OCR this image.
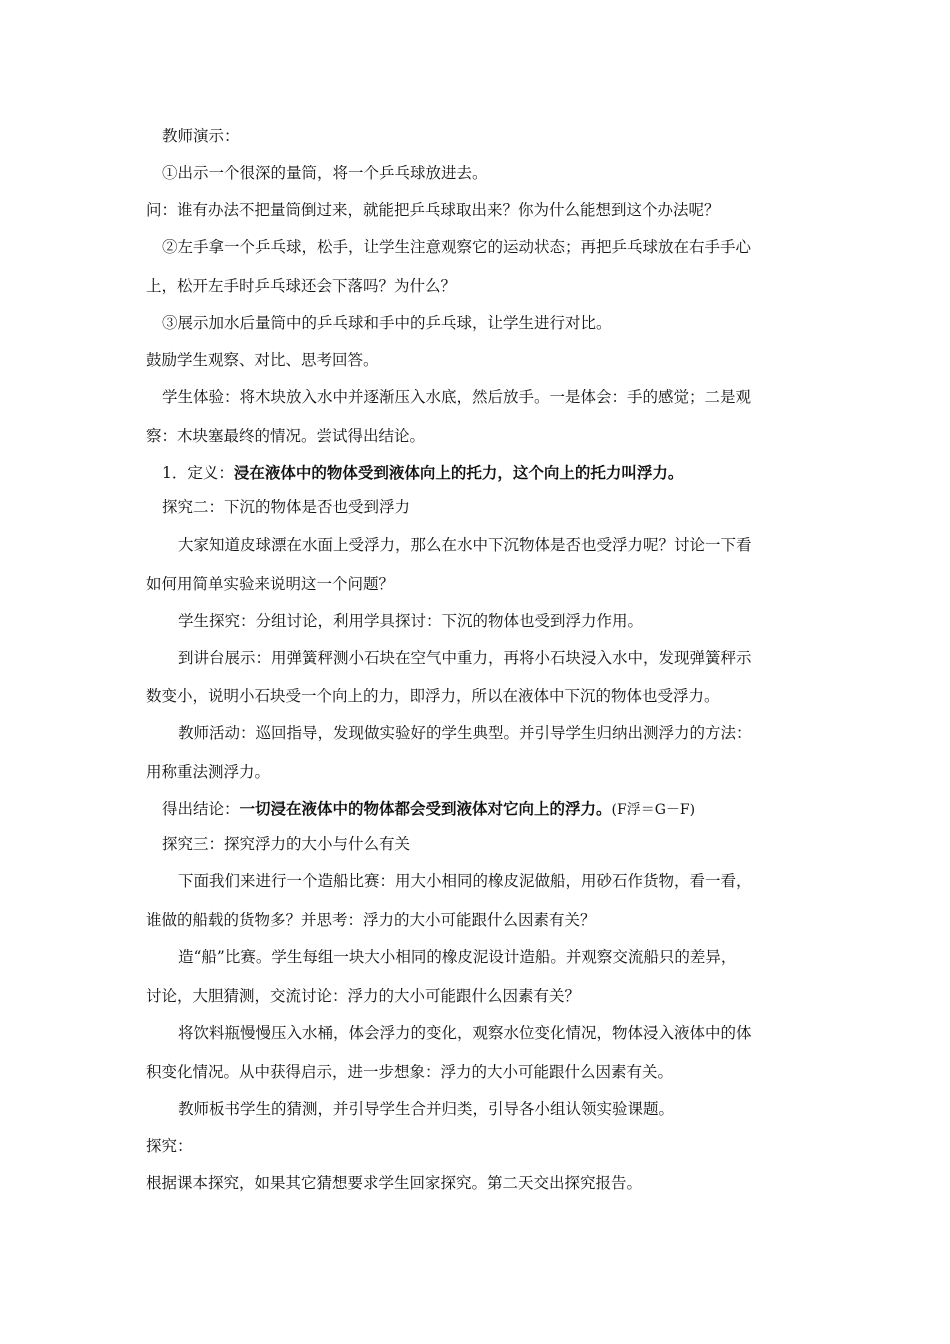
教师演示：
①出示一个很深的量筒，将一个乒乓球放进去。
问：谁有办法不把量筒倒过来，就能把乒乓球取出来？你为什么能想到这个办法呢？
②左手拿一个乒乓球，松手，让学生注意观察它的运动状态；再把乒乓球放在右手手心
上，松开左手时乒乓球还会下落吗？为什么？
③展示加水后量筒中的乒乓球和手中的乒乓球，让学生进行对比。
鼓励学生观察、对比、思考回答。
学生体验：将木块放入水中并逐渐压入水底，然后放手。一是体会：手的感觉；二是观
察：木块塞最终的情况。尝试得出结论。
1．定义：浸在液体中的物体受到液体向上的托力，这个向上的托力叫浮力。
探究二：下沉的物体是否也受到浮力
大家知道皮球漂在水面上受浮力，那么在水中下沉物体是否也受浮力呢？讨论一下看
如何用简单实验来说明这一个问题？
学生探究：分组讨论，利用学具探讨：下沉的物体也受到浮力作用。
到讲台展示：用弹簧秤测小石块在空气中重力，再将小石块浸入水中，发现弹簧秤示
数变小，说明小石块受一个向上的力，即浮力，所以在液体中下沉的物体也受浮力。
教师活动：巡回指导，发现做实验好的学生典型。并引导学生归纳出测浮力的方法：
用称重法测浮力。
得出结论：一切浸在液体中的物体都会受到液体对它向上的浮力。(F浮＝G－F)
探究三：探究浮力的大小与什么有关
下面我们来进行一个造船比赛：用大小相同的橡皮泥做船，用砂石作货物，看一看，
谁做的船载的货物多？并思考：浮力的大小可能跟什么因素有关？
造“船”比赛。学生每组一块大小相同的橡皮泥设计造船。并观察交流船只的差异，
讨论，大胆猜测，交流讨论：浮力的大小可能跟什么因素有关？
将饮料瓶慢慢压入水桶，体会浮力的变化，观察水位变化情况，物体浸入液体中的体
积变化情况。从中获得启示，进一步想象：浮力的大小可能跟什么因素有关。
教师板书学生的猜测，并引导学生合并归类，引导各小组认领实验课题。
探究：
根据课本探究，如果其它猜想要求学生回家探究。第二天交出探究报告。
